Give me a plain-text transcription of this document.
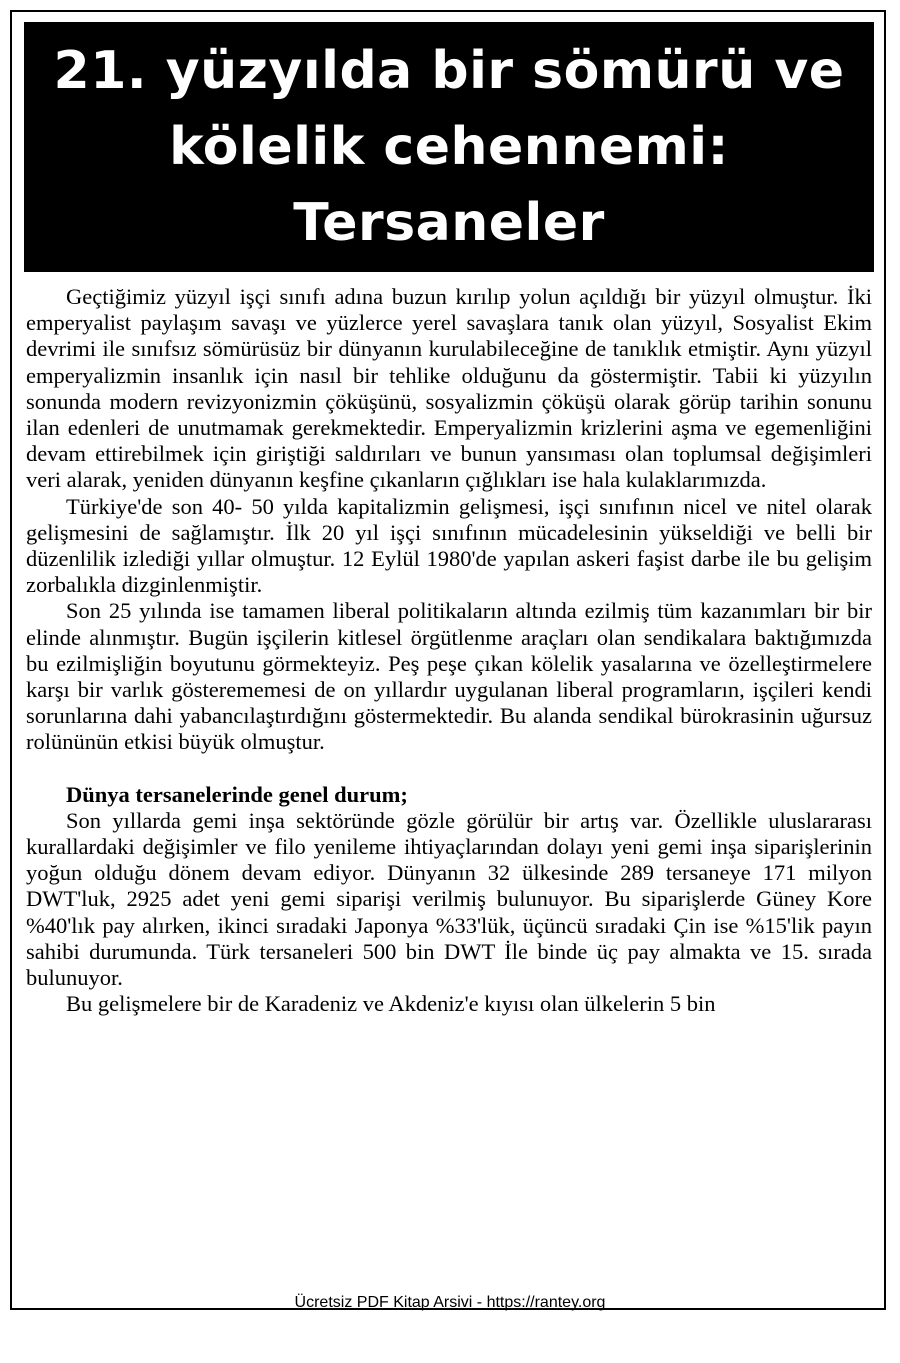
21. yüzyılda bir sömürü ve
kölelik cehennemi:
Tersaneler

Geçtiğimiz yüzyıl işçi sınıfı adına buzun kırılıp yolun açıldığı bir yüzyıl olmuştur. İki emperyalist paylaşım savaşı ve yüzlerce yerel savaşlara tanık olan yüzyıl, Sosyalist Ekim devrimi ile sınıfsız sömürüsüz bir dünyanın kurulabileceğine de tanıklık etmiştir. Aynı yüzyıl emperyalizmin insanlık için nasıl bir tehlike olduğunu da göstermiştir. Tabii ki yüzyılın sonunda modern revizyonizmin çöküşünü, sosyalizmin çöküşü olarak görüp tarihin sonunu ilan edenleri de unutmamak gerekmektedir. Emperyalizmin krizlerini aşma ve egemenliğini devam ettirebilmek için giriştiği saldırıları ve bunun yansıması olan toplumsal değişimleri veri alarak, yeniden dünyanın keşfine çıkanların çığlıkları ise hala kulaklarımızda.

Türkiye'de son 40- 50 yılda kapitalizmin gelişmesi, işçi sınıfının nicel ve nitel olarak gelişmesini de sağlamıştır. İlk 20 yıl işçi sınıfının mücadelesinin yükseldiği ve belli bir düzenlilik izlediği yıllar olmuştur. 12 Eylül 1980'de yapılan askeri faşist darbe ile bu gelişim zorbalıkla dizginlenmiştir.

Son 25 yılında ise tamamen liberal politikaların altında ezilmiş tüm kazanımları bir bir elinde alınmıştır. Bugün işçilerin kitlesel örgütlenme araçları olan sendikalara baktığımızda bu ezilmişliğin boyutunu görmekteyiz. Peş peşe çıkan kölelik yasalarına ve özelleştirmelere karşı bir varlık gösterememesi de on yıllardır uygulanan liberal programların, işçileri kendi sorunlarına dahi yabancılaştırdığını göstermektedir. Bu alanda sendikal bürokrasinin uğursuz rolününün etkisi büyük olmuştur.

Dünya tersanelerinde genel durum;

Son yıllarda gemi inşa sektöründe gözle görülür bir artış var. Özellikle uluslararası kurallardaki değişimler ve filo yenileme ihtiyaçlarından dolayı yeni gemi inşa siparişlerinin yoğun olduğu dönem devam ediyor. Dünyanın 32 ülkesinde 289 tersaneye 171 milyon DWT'luk, 2925 adet yeni gemi siparişi verilmiş bulunuyor. Bu siparişlerde Güney Kore %40'lık pay alırken, ikinci sıradaki Japonya %33'lük, üçüncü sıradaki Çin ise %15'lik payın sahibi durumunda. Türk tersaneleri 500 bin DWT İle binde üç pay almakta ve 15. sırada bulunuyor.

Bu gelişmelere bir de Karadeniz ve Akdeniz'e kıyısı olan ülkelerin 5 bin

Ücretsiz PDF Kitap Arsivi - https://rantey.org
